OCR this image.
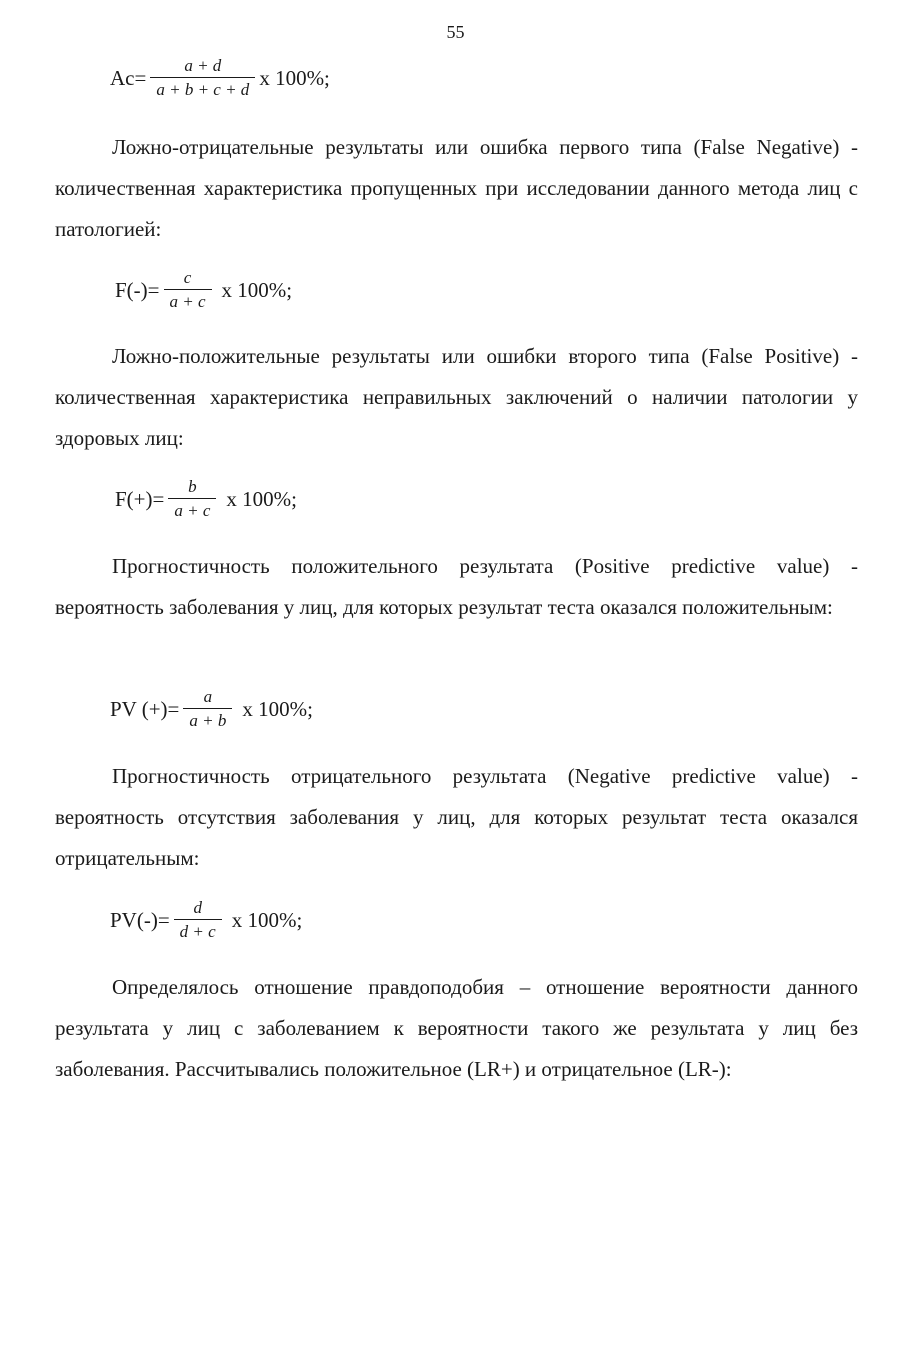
55
$Ac= \frac{a + d}{a + b + c + d}$ x 100%;

Ложно-отрицательные результаты или ошибка первого типа (False Negative) - количественная характеристика пропущенных при исследовании данного метода лиц с патологией:

$F(-)= \frac{c}{a + c}$ x 100%;

Ложно-положительные результаты или ошибки второго типа (False Positive) - количественная характеристика неправильных заключений о наличии патологии у здоровых лиц:

$F(+)= \frac{b}{a + c}$ x 100%;

Прогностичность положительного результата (Positive predictive value) - вероятность заболевания у лиц, для которых результат теста оказался положительным:

PV (+)= $\frac{a}{a + b}$ x 100%;

Прогностичность отрицательного результата (Negative predictive value) - вероятность отсутствия заболевания у лиц, для которых результат теста оказался отрицательным:

$PV(-)= \frac{d}{d + c}$ x 100%;

Определялось отношение правдоподобия – отношение вероятности данного результата у лиц с заболеванием к вероятности такого же результата у лиц без заболевания. Рассчитывались положительное (LR+) и отрицательное (LR-):
